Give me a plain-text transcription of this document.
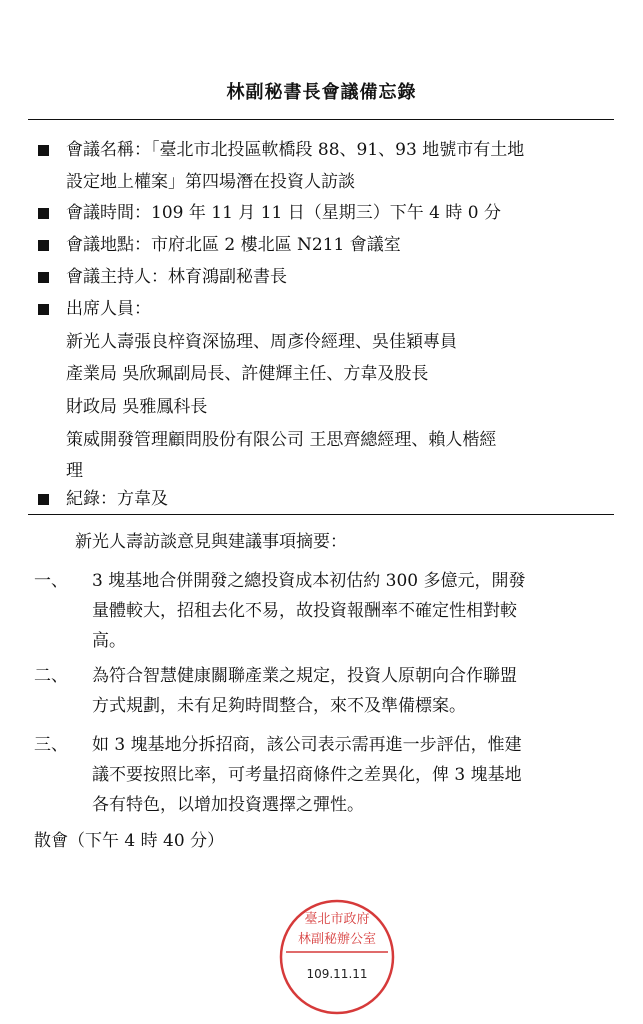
林副秘書長會議備忘錄
會議名稱：「臺北市北投區軟橋段 88、91、93 地號市有土地
設定地上權案」第四場潛在投資人訪談
會議時間：109 年 11 月 11 日（星期三）下午 4 時 0 分
會議地點：市府北區 2 樓北區 N211 會議室
會議主持人：林育鴻副秘書長
出席人員：
新光人壽張良梓資深協理、周彥伶經理、吳佳穎專員
產業局 吳欣珮副局長、許健輝主任、方韋及股長
財政局 吳雅鳳科長
策威開發管理顧問股份有限公司 王思齊總經理、賴人楷經
理
紀錄：方韋及
新光人壽訪談意見與建議事項摘要：
一、 3 塊基地合併開發之總投資成本初估約 300 多億元，開發
量體較大，招租去化不易，故投資報酬率不確定性相對較
高。
二、 為符合智慧健康關聯產業之規定，投資人原朝向合作聯盟
方式規劃，未有足夠時間整合，來不及準備標案。
三、 如 3 塊基地分拆招商，該公司表示需再進一步評估，惟建
議不要按照比率，可考量招商條件之差異化，俾 3 塊基地
各有特色，以增加投資選擇之彈性。
散會（下午 4 時 40 分）
臺北市政府
林副秘辦公室
109.11.11
